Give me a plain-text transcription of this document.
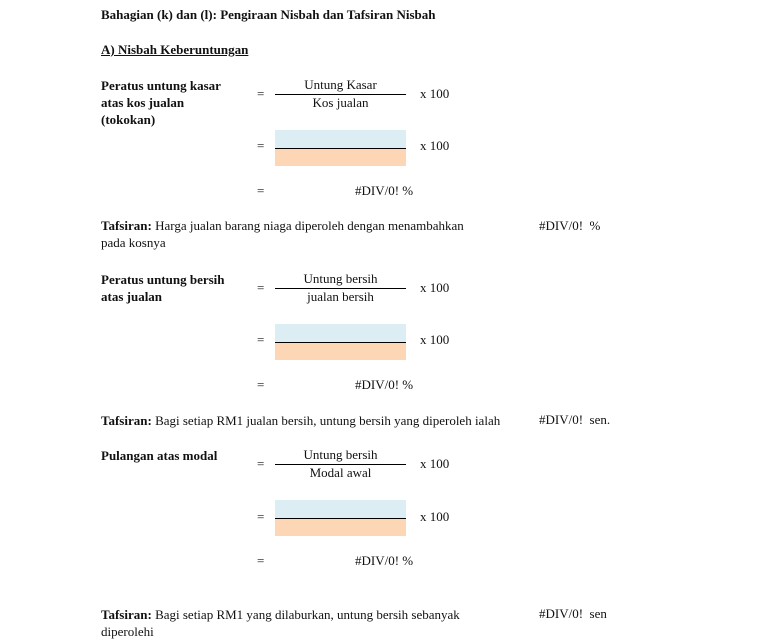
Bahagian (k) dan (l): Pengiraan Nisbah dan Tafsiran Nisbah
A) Nisbah Keberuntungan
Peratus untung kasar
atas kos jualan
(tokokan)
=
Untung Kasar
Kos jualan
x 100
=	x 100
=	#DIV/0! %
Tafsiran: Harga jualan barang niaga diperoleh dengan menambahkan
pada kosnya
#DIV/0! %
Peratus untung bersih
atas jualan
=
Untung bersih
jualan bersih
x 100
=	x 100
=	#DIV/0! %
Tafsiran: Bagi setiap RM1 jualan bersih, untung bersih yang diperoleh ialah	#DIV/0! sen.
Pulangan atas modal
=
Untung bersih
Modal awal
x 100
=	x 100
=	#DIV/0! %
Tafsiran: Bagi setiap RM1 yang dilaburkan, untung bersih sebanyak
diperolehi
#DIV/0! sen
